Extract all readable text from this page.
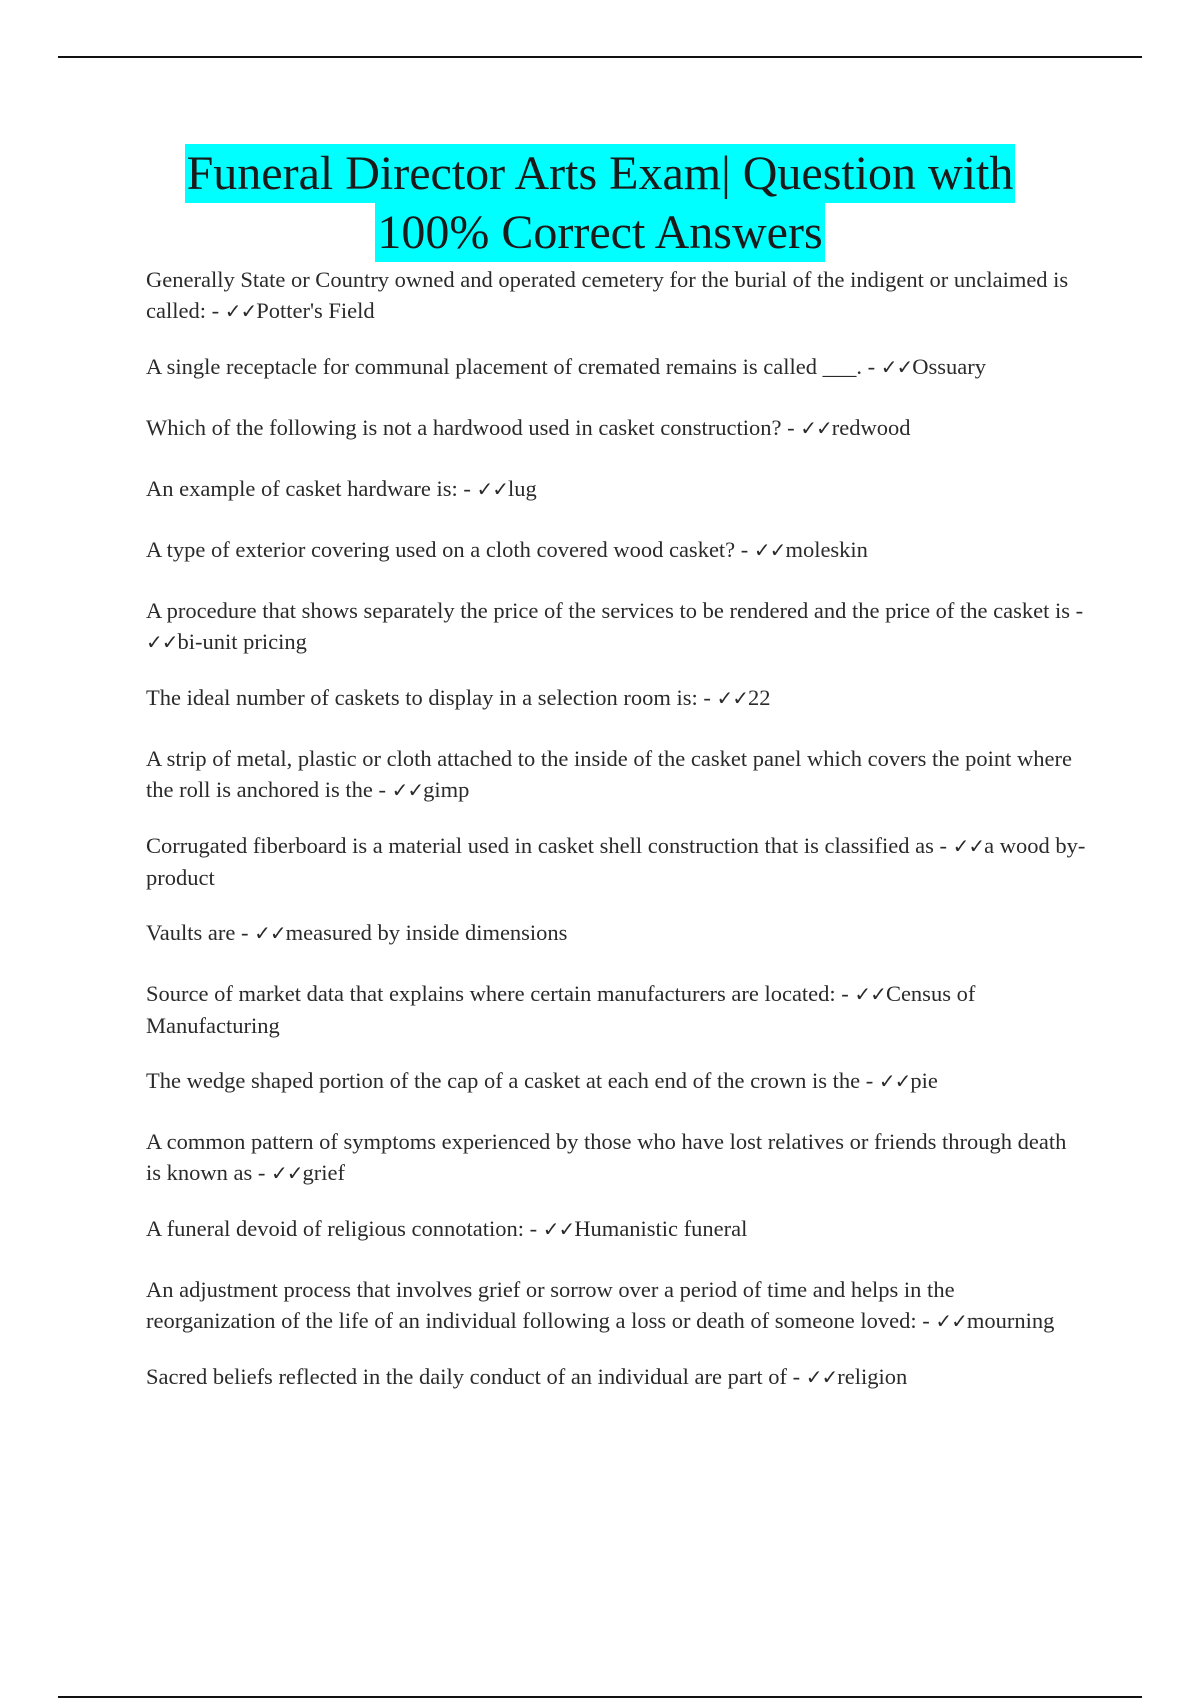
Funeral Director Arts Exam| Question with
100% Correct Answers
Generally State or Country owned and operated cemetery for the burial of the indigent or unclaimed is called: - ✓✓Potter's Field
A single receptacle for communal placement of cremated remains is called ___. - ✓✓Ossuary
Which of the following is not a hardwood used in casket construction? - ✓✓redwood
An example of casket hardware is: - ✓✓lug
A type of exterior covering used on a cloth covered wood casket? - ✓✓moleskin
A procedure that shows separately the price of the services to be rendered and the price of the casket is - ✓✓bi-unit pricing
The ideal number of caskets to display in a selection room is: - ✓✓22
A strip of metal, plastic or cloth attached to the inside of the casket panel which covers the point where the roll is anchored is the - ✓✓gimp
Corrugated fiberboard is a material used in casket shell construction that is classified as - ✓✓a wood by-product
Vaults are - ✓✓measured by inside dimensions
Source of market data that explains where certain manufacturers are located: - ✓✓Census of Manufacturing
The wedge shaped portion of the cap of a casket at each end of the crown is the - ✓✓pie
A common pattern of symptoms experienced by those who have lost relatives or friends through death is known as - ✓✓grief
A funeral devoid of religious connotation: - ✓✓Humanistic funeral
An adjustment process that involves grief or sorrow over a period of time and helps in the reorganization of the life of an individual following a loss or death of someone loved: - ✓✓mourning
Sacred beliefs reflected in the daily conduct of an individual are part of - ✓✓religion
